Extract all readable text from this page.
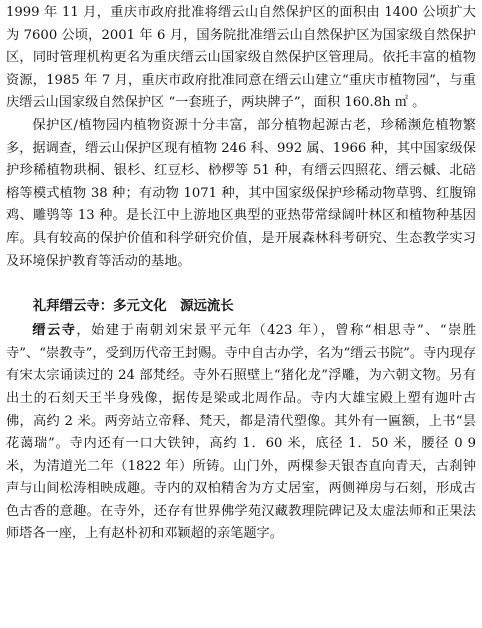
1999 年 11 月，重庆市政府批准将缙云山自然保护区的面积由 1400 公顷扩大为 7600 公顷，2001 年 6 月，国务院批准缙云山自然保护区为国家级自然保护区，同时管理机构更名为重庆缙云山国家级自然保护区管理局。依托丰富的植物资源，1985 年 7 月，重庆市政府批准同意在缙云山建立“重庆市植物园”，与重庆缙云山国家级自然保护区 “一套班子，两块牌子”，面积 160.8h ㎡ 。

保护区/植物园内植物资源十分丰富，部分植物起源古老，珍稀濒危植物繁多，据调查，缙云山保护区现有植物 246 科、992 属、1966 种，其中国家级保护珍稀植物珙桐、银杉、红豆杉、桫椤等 51 种，有缙云四照花、缙云槭、北碚榕等模式植物 38 种；有动物 1071 种，其中国家级保护珍稀动物草鸮、红腹锦鸡、雕鸮等 13 种。是长江中上游地区典型的亚热带常绿阔叶林区和植物种基因库。具有较高的保护价值和科学研究价值，是开展森林科考研究、生态教学实习及环境保护教育等活动的基地。

礼拜缙云寺：多元文化　源远流长

缙云寺，始建于南朝刘宋景平元年（423 年），曾称“相思寺”、“崇胜寺”、“崇教寺”，受到历代帝王封赐。寺中自古办学，名为“缙云书院”。寺内现存有宋太宗诵读过的 24 部梵经。寺外石照壁上“猪化龙”浮雕，为六朝文物。另有出土的石刻天王半身残像，据传是梁或北周作品。寺内大雄宝殿上塑有迦叶古佛，高约 2 米。两旁站立帝释、梵天，都是清代塑像。其外有一匾额，上书“昙花蔼瑞”。寺内还有一口大铁钟，高约 1．60 米，底径 1．50 米，腰径 0 9 米，为清道光二年（1822 年）所铸。山门外，两棵参天银杏直向青天，古刹钟声与山间松涛相映成趣。寺内的双柏精舍为方丈居室，两侧禅房与石刻，形成古色古香的意趣。在寺外，还存有世界佛学苑汉藏教理院碑记及太虚法师和正果法师塔各一座，上有赵朴初和邓颖超的亲笔题字。
